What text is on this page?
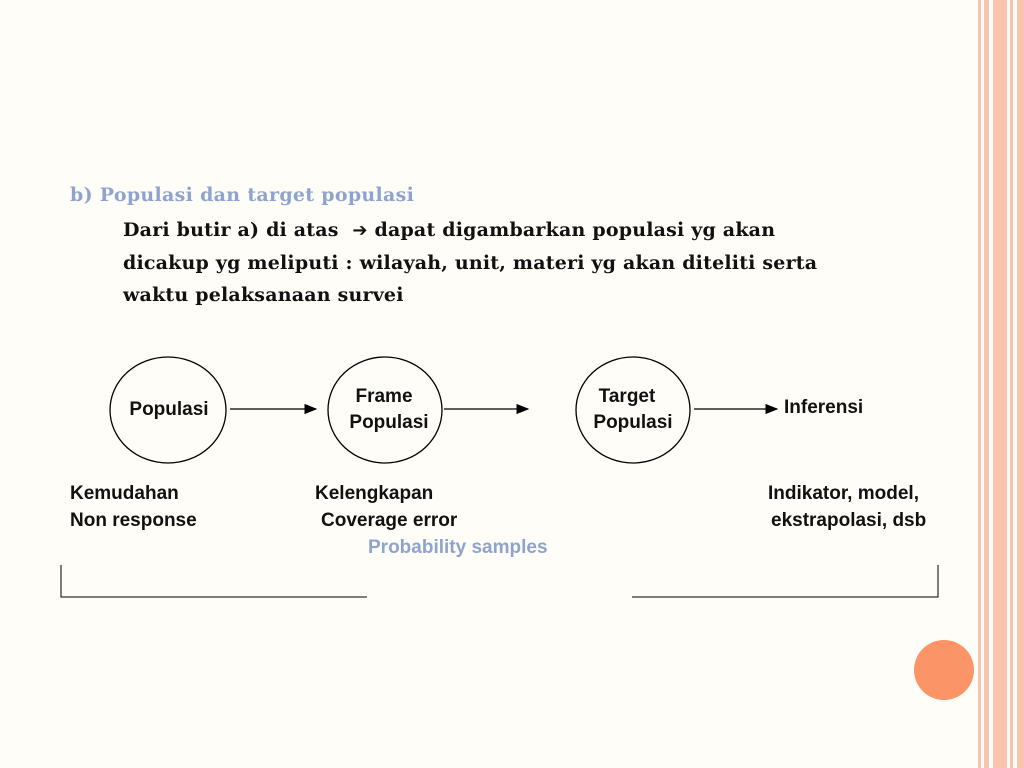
b) Populasi dan target populasi
Dari butir a) di atas ➔ dapat digambarkan populasi yg akan
dicakup yg meliputi : wilayah, unit, materi yg akan diteliti serta
waktu pelaksanaan survei
Populasi
Frame
Populasi
Target
Populasi
Inferensi
Kemudahan
Non response
Kelengkapan
Coverage error
Indikator, model,
ekstrapolasi, dsb
Probability samples
